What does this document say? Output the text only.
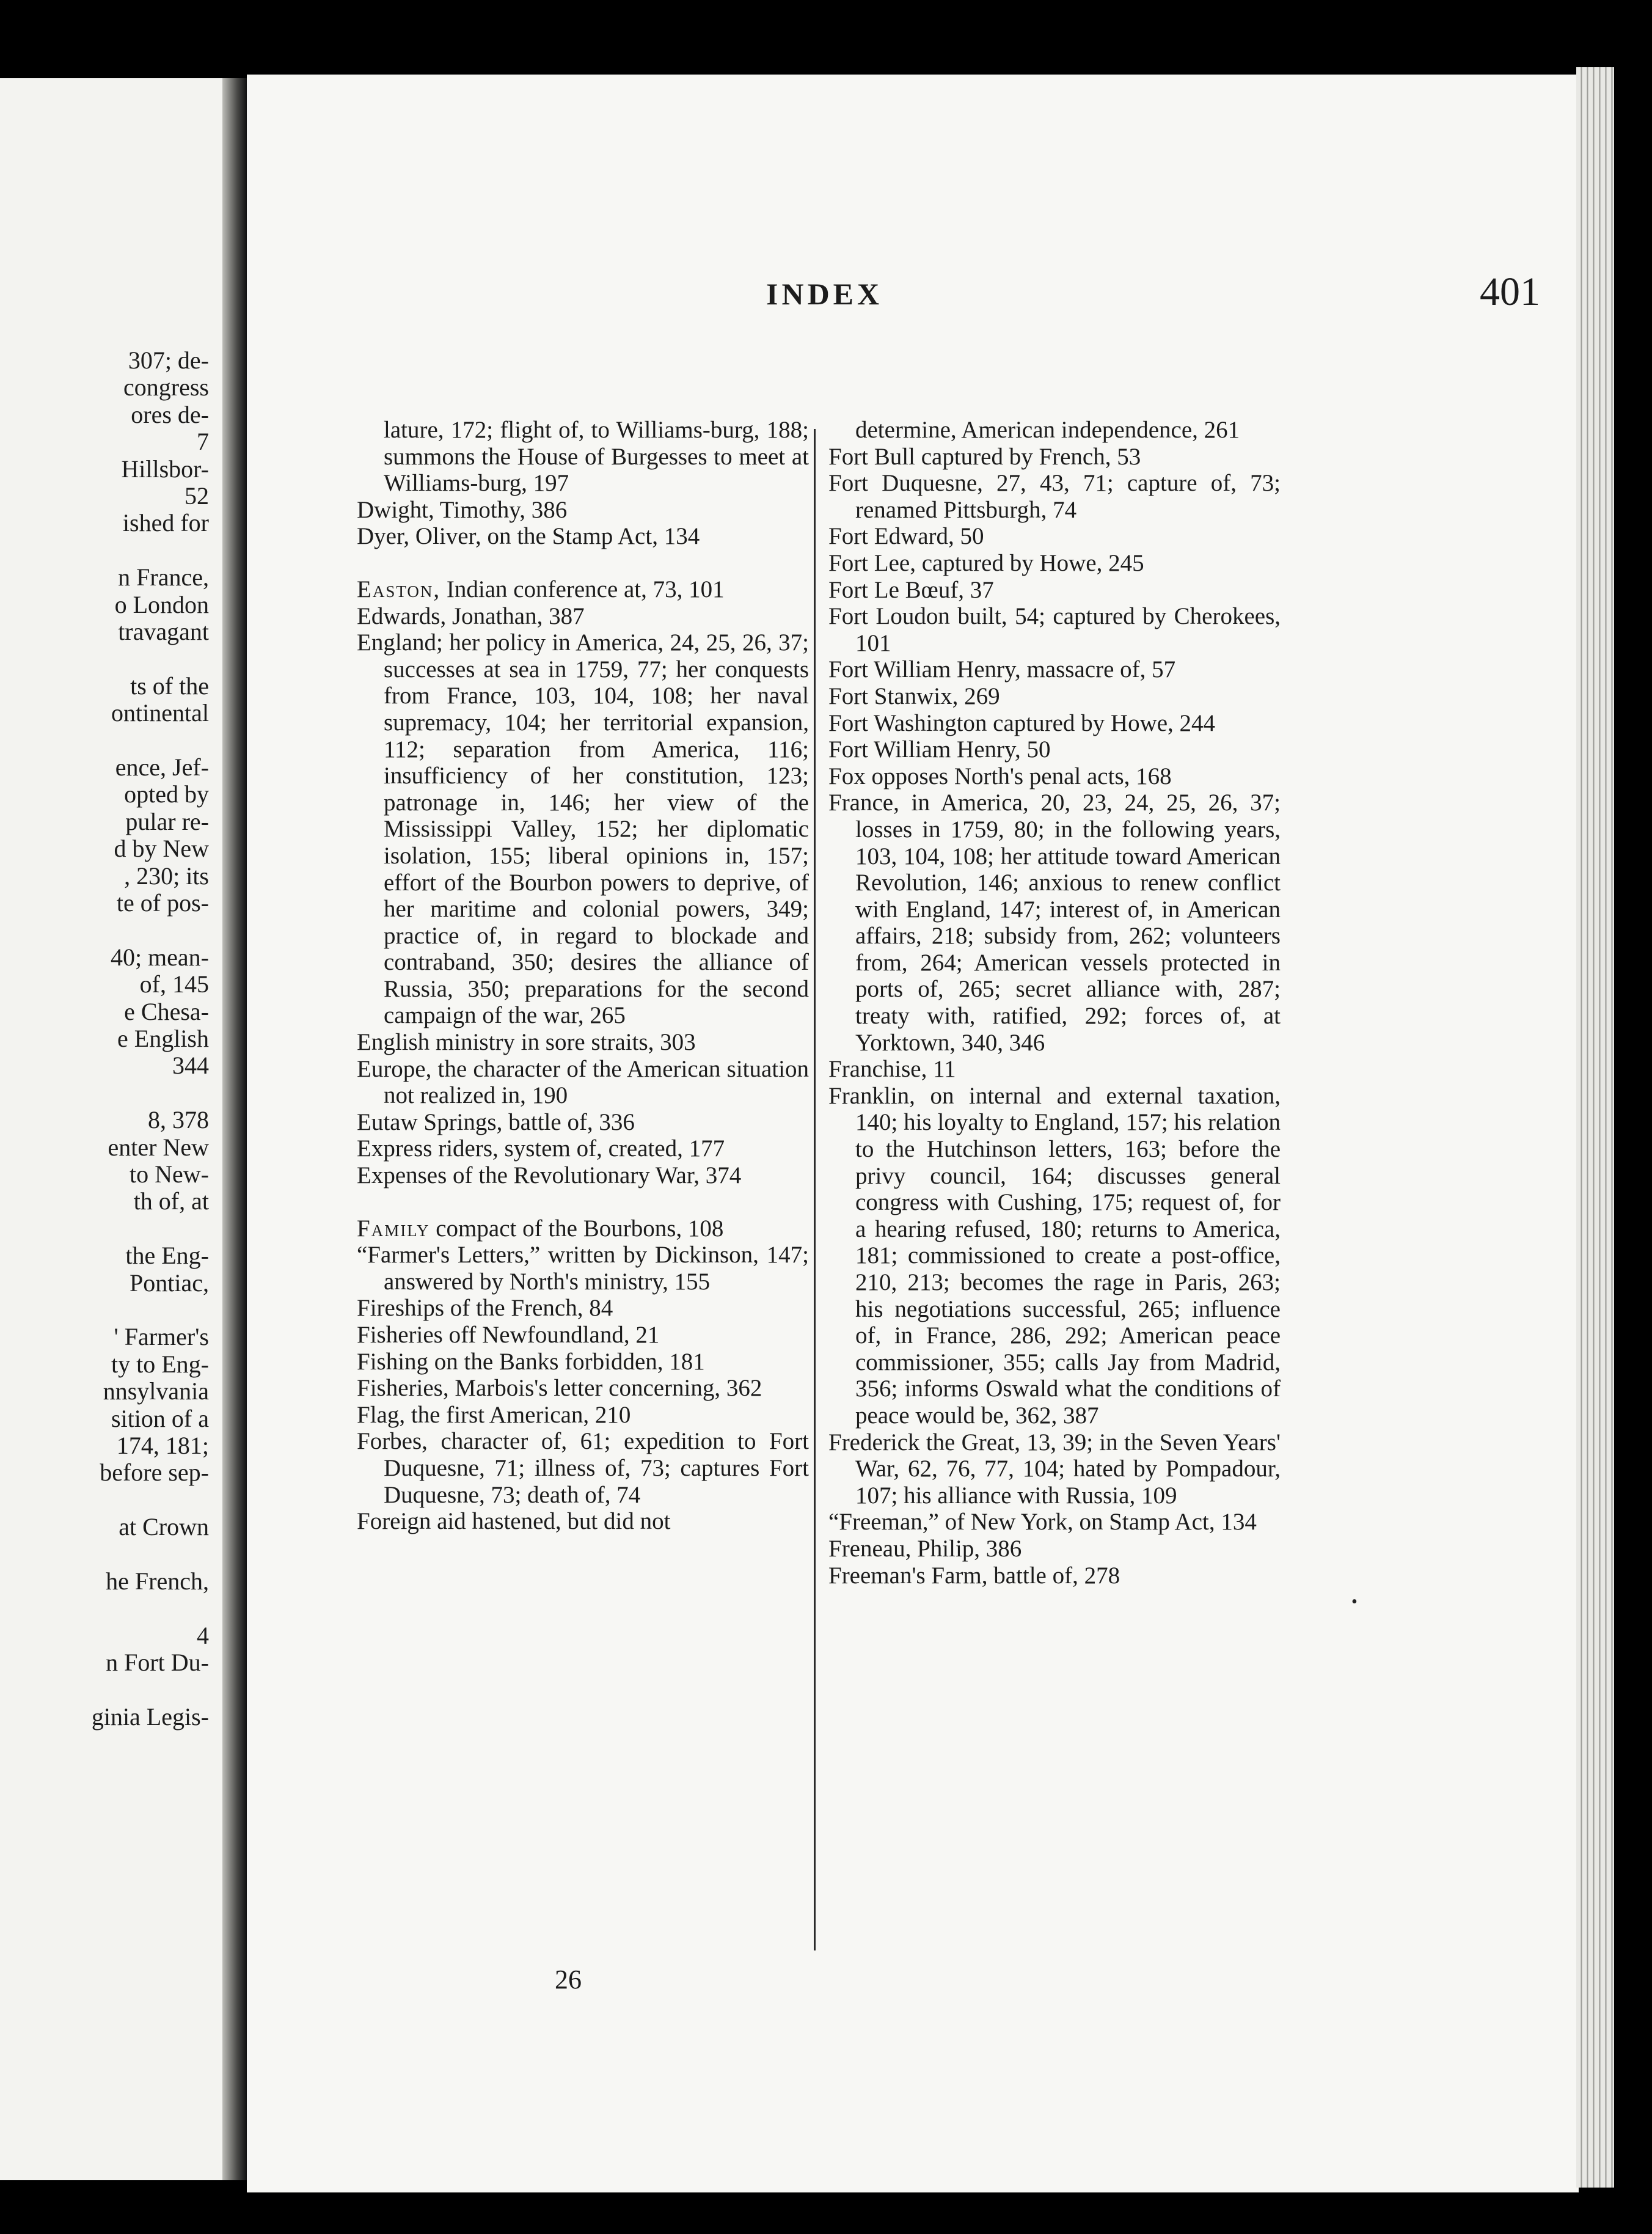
307; de-
congress
ores de-
7
Hillsbor-
52
ished for
n France,
o London
travagant
ts of the
ontinental
ence, Jef-
opted by
pular re-
d by New
, 230; its
te of pos-
40; mean-
of, 145
e Chesa-
e English
344
8, 378
enter New
to New-
th of, at
the Eng-
Pontiac,
' Farmer's
ty to Eng-
nnsylvania
sition of a
174, 181;
before sep-
at Crown
he French,
4
n Fort Du-
ginia Legis-
INDEX	401
lature, 172; flight of, to Williams-burg, 188; summons the House of Burgesses to meet at Williams-burg, 197
Dwight, Timothy, 386
Dyer, Oliver, on the Stamp Act, 134
Easton, Indian conference at, 73, 101
Edwards, Jonathan, 387
England; her policy in America, 24, 25, 26, 37; successes at sea in 1759, 77; her conquests from France, 103, 104, 108; her naval supremacy, 104; her territorial expansion, 112; separation from America, 116; insufficiency of her constitution, 123; patronage in, 146; her view of the Mississippi Valley, 152; her diplomatic isolation, 155; liberal opinions in, 157; effort of the Bourbon powers to deprive, of her maritime and colonial powers, 349; practice of, in regard to blockade and contraband, 350; desires the alliance of Russia, 350; preparations for the second campaign of the war, 265
English ministry in sore straits, 303
Europe, the character of the American situation not realized in, 190
Eutaw Springs, battle of, 336
Express riders, system of, created, 177
Expenses of the Revolutionary War, 374
Family compact of the Bourbons, 108
“Farmer's Letters,” written by Dickinson, 147; answered by North's ministry, 155
Fireships of the French, 84
Fisheries off Newfoundland, 21
Fishing on the Banks forbidden, 181
Fisheries, Marbois's letter concerning, 362
Flag, the first American, 210
Forbes, character of, 61; expedition to Fort Duquesne, 71; illness of, 73; captures Fort Duquesne, 73; death of, 74
Foreign aid hastened, but did not
determine, American independence, 261
Fort Bull captured by French, 53
Fort Duquesne, 27, 43, 71; capture of, 73; renamed Pittsburgh, 74
Fort Edward, 50
Fort Lee, captured by Howe, 245
Fort Le Bœuf, 37
Fort Loudon built, 54; captured by Cherokees, 101
Fort William Henry, massacre of, 57
Fort Stanwix, 269
Fort Washington captured by Howe, 244
Fort William Henry, 50
Fox opposes North's penal acts, 168
France, in America, 20, 23, 24, 25, 26, 37; losses in 1759, 80; in the following years, 103, 104, 108; her attitude toward American Revolution, 146; anxious to renew conflict with England, 147; interest of, in American affairs, 218; subsidy from, 262; volunteers from, 264; American vessels protected in ports of, 265; secret alliance with, 287; treaty with, ratified, 292; forces of, at Yorktown, 340, 346
Franchise, 11
Franklin, on internal and external taxation, 140; his loyalty to England, 157; his relation to the Hutchinson letters, 163; before the privy council, 164; discusses general congress with Cushing, 175; request of, for a hearing refused, 180; returns to America, 181; commissioned to create a post-office, 210, 213; becomes the rage in Paris, 263; his negotiations successful, 265; influence of, in France, 286, 292; American peace commissioner, 355; calls Jay from Madrid, 356; informs Oswald what the conditions of peace would be, 362, 387
Frederick the Great, 13, 39; in the Seven Years' War, 62, 76, 77, 104; hated by Pompadour, 107; his alliance with Russia, 109
“Freeman,” of New York, on Stamp Act, 134
Freneau, Philip, 386
Freeman's Farm, battle of, 278
26
•
